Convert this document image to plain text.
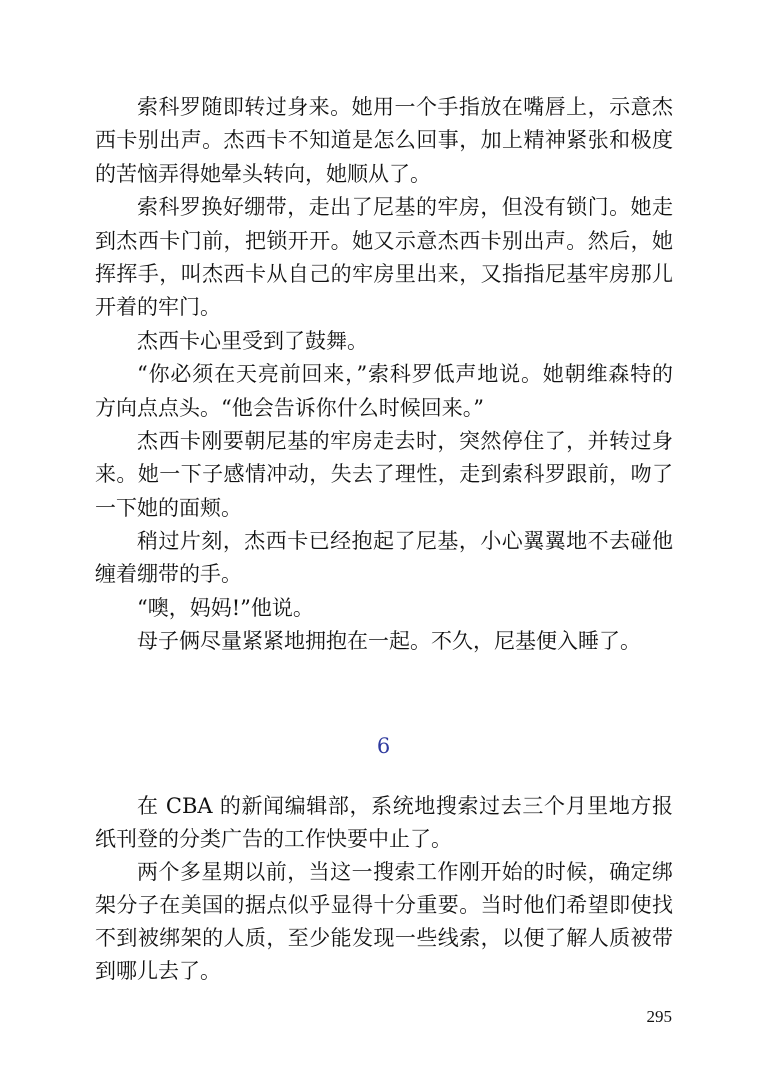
索科罗随即转过身来。她用一个手指放在嘴唇上，示意杰
西卡别出声。杰西卡不知道是怎么回事，加上精神紧张和极度
的苦恼弄得她晕头转向，她顺从了。
索科罗换好绷带，走出了尼基的牢房，但没有锁门。她走
到杰西卡门前，把锁开开。她又示意杰西卡别出声。然后，她
挥挥手，叫杰西卡从自己的牢房里出来，又指指尼基牢房那儿
开着的牢门。
杰西卡心里受到了鼓舞。
“你必须在天亮前回来，”索科罗低声地说。她朝维森特的
方向点点头。“他会告诉你什么时候回来。”
杰西卡刚要朝尼基的牢房走去时，突然停住了，并转过身
来。她一下子感情冲动，失去了理性，走到索科罗跟前，吻了
一下她的面颊。
稍过片刻，杰西卡已经抱起了尼基，小心翼翼地不去碰他
缠着绷带的手。
“噢，妈妈!”他说。
母子俩尽量紧紧地拥抱在一起。不久，尼基便入睡了。
6
在 CBA 的新闻编辑部，系统地搜索过去三个月里地方报
纸刊登的分类广告的工作快要中止了。
两个多星期以前，当这一搜索工作刚开始的时候，确定绑
架分子在美国的据点似乎显得十分重要。当时他们希望即使找
不到被绑架的人质，至少能发现一些线索，以便了解人质被带
到哪儿去了。
295
